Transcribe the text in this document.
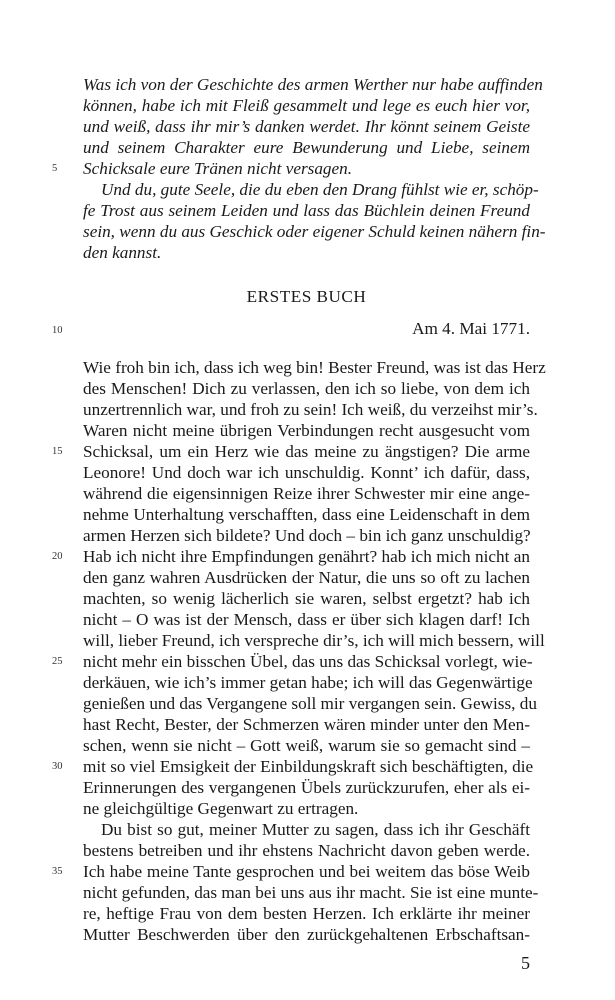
Was ich von der Geschichte des armen Werther nur habe auffinden
können, habe ich mit Fleiß gesammelt und lege es euch hier vor,
und weiß, dass ihr mir’s danken werdet. Ihr könnt seinem Geiste
und seinem Charakter eure Bewunderung und Liebe, seinem
Schicksale eure Tränen nicht versagen.
Und du, gute Seele, die du eben den Drang fühlst wie er, schöp-
fe Trost aus seinem Leiden und lass das Büchlein deinen Freund
sein, wenn du aus Geschick oder eigener Schuld keinen nähern fin-
den kannst.
5
ERSTES BUCH
10	Am 4. Mai 1771.
Wie froh bin ich, dass ich weg bin! Bester Freund, was ist das Herz
des Menschen! Dich zu verlassen, den ich so liebe, von dem ich
unzertrennlich war, und froh zu sein! Ich weiß, du verzeihst mir’s.
Waren nicht meine übrigen Verbindungen recht ausgesucht vom
Schicksal, um ein Herz wie das meine zu ängstigen? Die arme
Leonore! Und doch war ich unschuldig. Konnt’ ich dafür, dass,
während die eigensinnigen Reize ihrer Schwester mir eine ange-
nehme Unterhaltung verschafften, dass eine Leidenschaft in dem
armen Herzen sich bildete? Und doch – bin ich ganz unschuldig?
Hab ich nicht ihre Empfindungen genährt? hab ich mich nicht an
den ganz wahren Ausdrücken der Natur, die uns so oft zu lachen
machten, so wenig lächerlich sie waren, selbst ergetzt? hab ich
nicht – O was ist der Mensch, dass er über sich klagen darf! Ich
will, lieber Freund, ich verspreche dir’s, ich will mich bessern, will
nicht mehr ein bisschen Übel, das uns das Schicksal vorlegt, wie-
derkäuen, wie ich’s immer getan habe; ich will das Gegenwärtige
genießen und das Vergangene soll mir vergangen sein. Gewiss, du
hast Recht, Bester, der Schmerzen wären minder unter den Men-
schen, wenn sie nicht – Gott weiß, warum sie so gemacht sind –
mit so viel Emsigkeit der Einbildungskraft sich beschäftigten, die
Erinnerungen des vergangenen Übels zurückzurufen, eher als ei-
ne gleichgültige Gegenwart zu ertragen.
Du bist so gut, meiner Mutter zu sagen, dass ich ihr Geschäft
bestens betreiben und ihr ehstens Nachricht davon geben werde.
Ich habe meine Tante gesprochen und bei weitem das böse Weib
nicht gefunden, das man bei uns aus ihr macht. Sie ist eine munte-
re, heftige Frau von dem besten Herzen. Ich erklärte ihr meiner
Mutter Beschwerden über den zurückgehaltenen Erbschaftsan-
15
20
25
30
35
5
